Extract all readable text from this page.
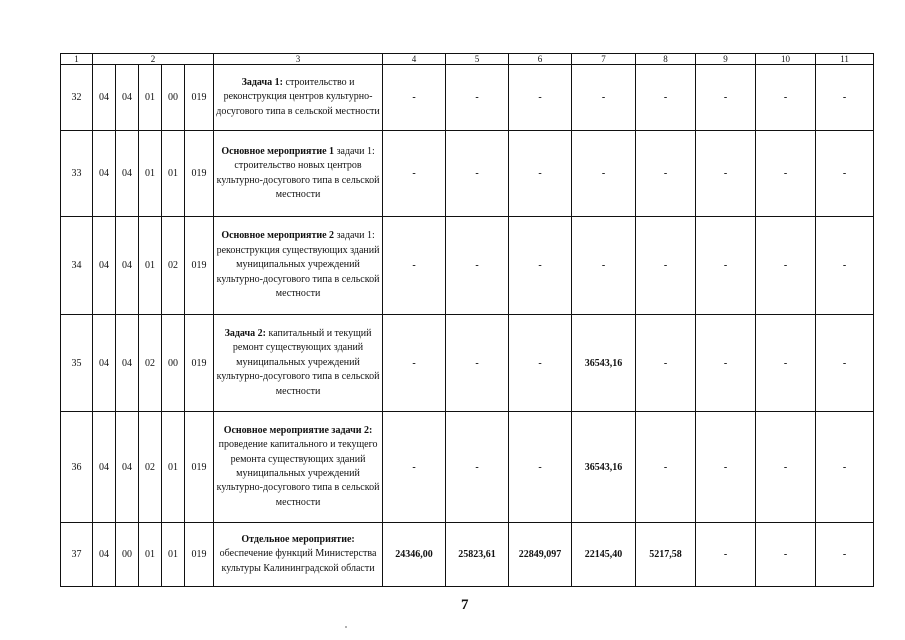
1	2					3	4	5	6	7	8	9	10	11
32	04	04	01	00	019	Задача 1: строительство и реконструкция центров культурно-досугового типа в сельской местности	-	-	-	-	-	-	-	-
33	04	04	01	01	019	Основное мероприятие 1 задачи 1: строительство новых центров культурно-досугового типа в сельской местности	-	-	-	-	-	-	-	-
34	04	04	01	02	019	Основное мероприятие 2 задачи 1: реконструкция существующих зданий муниципальных учреждений культурно-досугового типа в сельской местности	-	-	-	-	-	-	-	-
35	04	04	02	00	019	Задача 2: капитальный и текущий ремонт существующих зданий муниципальных учреждений культурно-досугового типа в сельской местности	-	-	-	36543,16	-	-	-	-
36	04	04	02	01	019	Основное мероприятие задачи 2: проведение капитального и текущего ремонта существующих зданий муниципальных учреждений культурно-досугового типа в сельской местности	-	-	-	36543,16	-	-	-	-
37	04	00	01	01	019	Отдельное мероприятие: обеспечение функций Министерства культуры Калининградской области	24346,00	25823,61	22849,097	22145,40	5217,58	-	-	-
7
